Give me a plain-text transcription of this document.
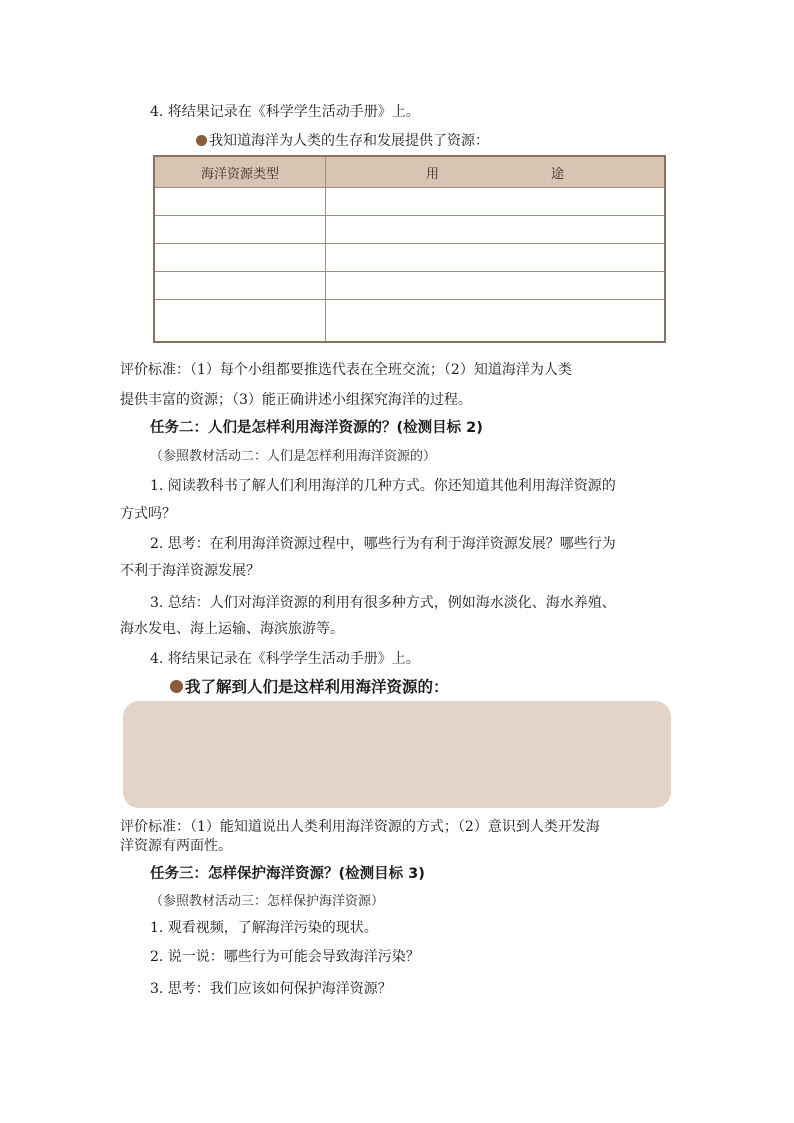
4. 将结果记录在《科学学生活动手册》上。
我知道海洋为人类的生存和发展提供了资源：
海洋资源类型	用 途

评价标准：（1）每个小组都要推选代表在全班交流；（2）知道海洋为人类
提供丰富的资源；（3）能正确讲述小组探究海洋的过程。
任务二：人们是怎样利用海洋资源的？(检测目标 2)
（参照教材活动二：人们是怎样利用海洋资源的）
1. 阅读教科书了解人们利用海洋的几种方式。你还知道其他利用海洋资源的
方式吗？
2. 思考：在利用海洋资源过程中，哪些行为有利于海洋资源发展？哪些行为
不利于海洋资源发展？
3. 总结：人们对海洋资源的利用有很多种方式，例如海水淡化、海水养殖、
海水发电、海上运输、海滨旅游等。
4. 将结果记录在《科学学生活动手册》上。
我了解到人们是这样利用海洋资源的：
评价标准：（1）能知道说出人类利用海洋资源的方式；（2）意识到人类开发海
洋资源有两面性。
任务三：怎样保护海洋资源？(检测目标 3)
（参照教材活动三：怎样保护海洋资源）
1. 观看视频，了解海洋污染的现状。
2. 说一说：哪些行为可能会导致海洋污染？
3. 思考：我们应该如何保护海洋资源？
